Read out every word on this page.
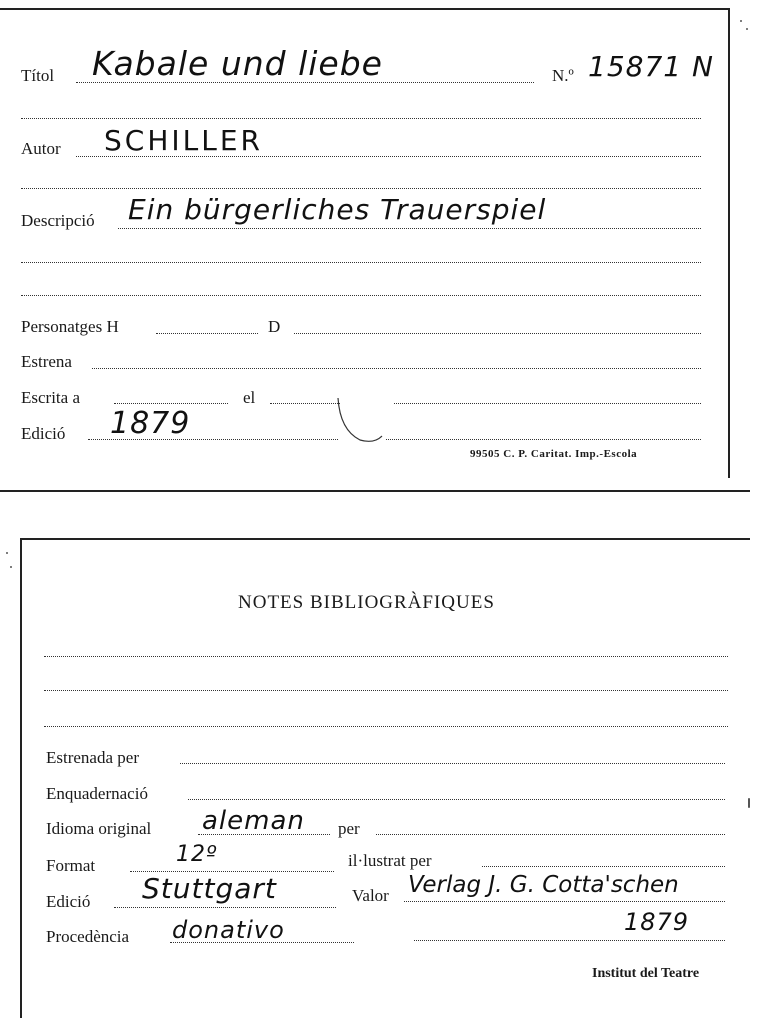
Títol Kabale und liebe	N.º 15871 N
Autor SCHILLER
Descripció Ein bürgerliches Trauerspiel
Personatges H	D
Estrena
Escrita a	el
Edició 1879
99505 C. P. Caritat. Imp.-Escola
NOTES BIBLIOGRÀFIQUES
Estrenada per
Enquadernació
Idioma original aleman per
Format	12º	il·lustrat per
Edició Stuttgart	Valor Verlag J. G. Cotta'schen
Procedència donativo	1879
Institut del Teatre
